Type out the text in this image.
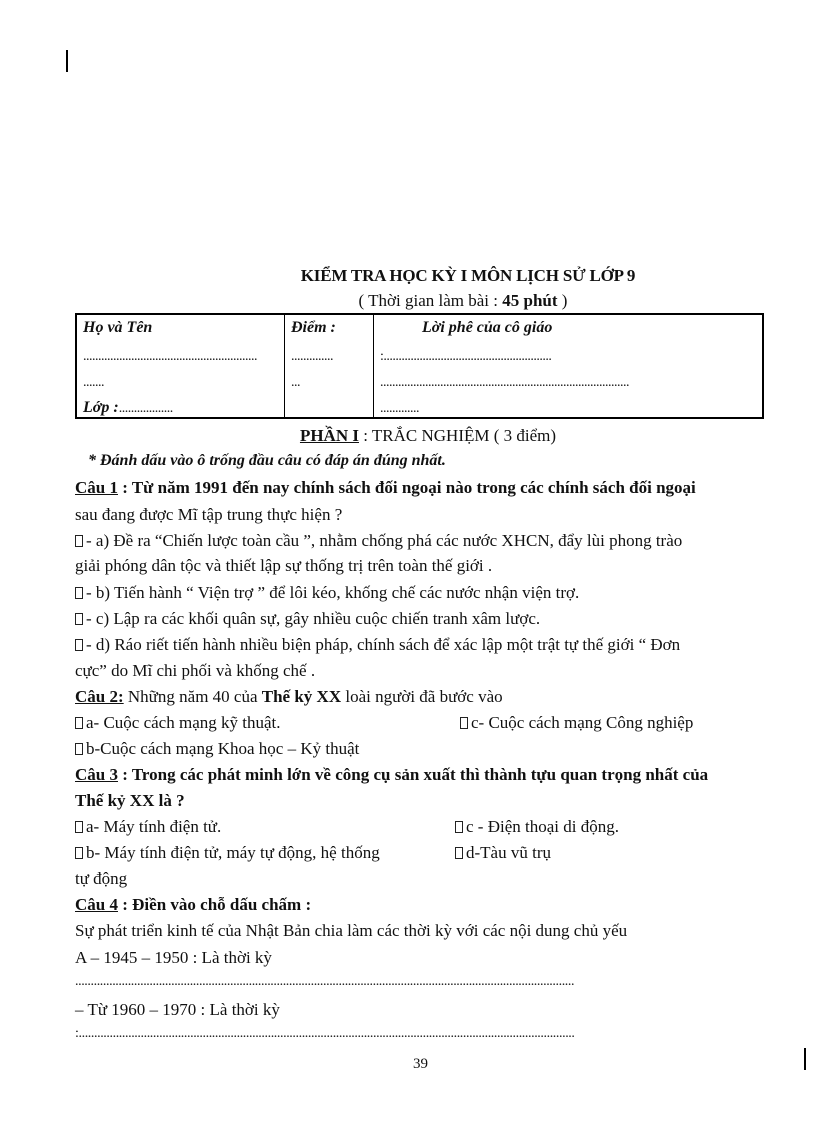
KIỂM TRA HỌC KỲ I MÔN LỊCH SỬ LỚP 9
( Thời gian làm bài : 45 phút )
Họ và Tên
..........................................................
.......
Lớp :..................
Điểm :
..............
...
Lời phê của cô giáo
:........................................................
...................................................................................
.............
PHẦN I : TRẮC NGHIỆM ( 3 điểm)
* Đánh dấu vào ô trống đầu câu có đáp án đúng nhất.
Câu 1 : Từ năm 1991 đến nay chính sách đối ngoại nào trong các chính sách đối ngoại
sau đang được Mĩ tập trung thực hiện ?
- a) Đề ra “Chiến lược toàn cầu ”, nhằm chống phá các nước XHCN, đẩy lùi phong trào
giải phóng dân tộc và thiết lập sự thống trị trên toàn thế giới .
- b) Tiến hành “ Viện trợ ” để lôi kéo, khống chế các nước nhận viện trợ.
- c) Lập ra các khối quân sự, gây nhiều cuộc chiến tranh xâm lược.
- d) Ráo riết tiến hành nhiều biện pháp, chính sách để xác lập một trật tự thế giới “ Đơn
cực” do Mĩ chi phối và khống chế .
Câu 2: Những năm 40 của Thế kỷ XX loài người đã bước vào
a- Cuộc cách mạng kỹ thuật.	c- Cuộc cách mạng Công nghiệp
b-Cuộc cách mạng Khoa học – Kỷ thuật
Câu 3 : Trong các phát minh lớn về công cụ sản xuất thì thành tựu quan trọng nhất của
Thế kỷ XX là ?
a- Máy tính điện tử.	c - Điện thoại di động.
b- Máy tính điện tử, máy tự động, hệ thống	d-Tàu vũ trụ
tự động
Câu 4 : Điền vào chỗ dấu chấm :
Sự phát triển kinh tế của Nhật Bản chia làm các thời kỳ với các nội dung chủ yếu
A – 1945 – 1950 : Là thời kỳ
.................................................................................................................................................................
– Từ 1960 – 1970 : Là thời kỳ
:................................................................................................................................................................
39
